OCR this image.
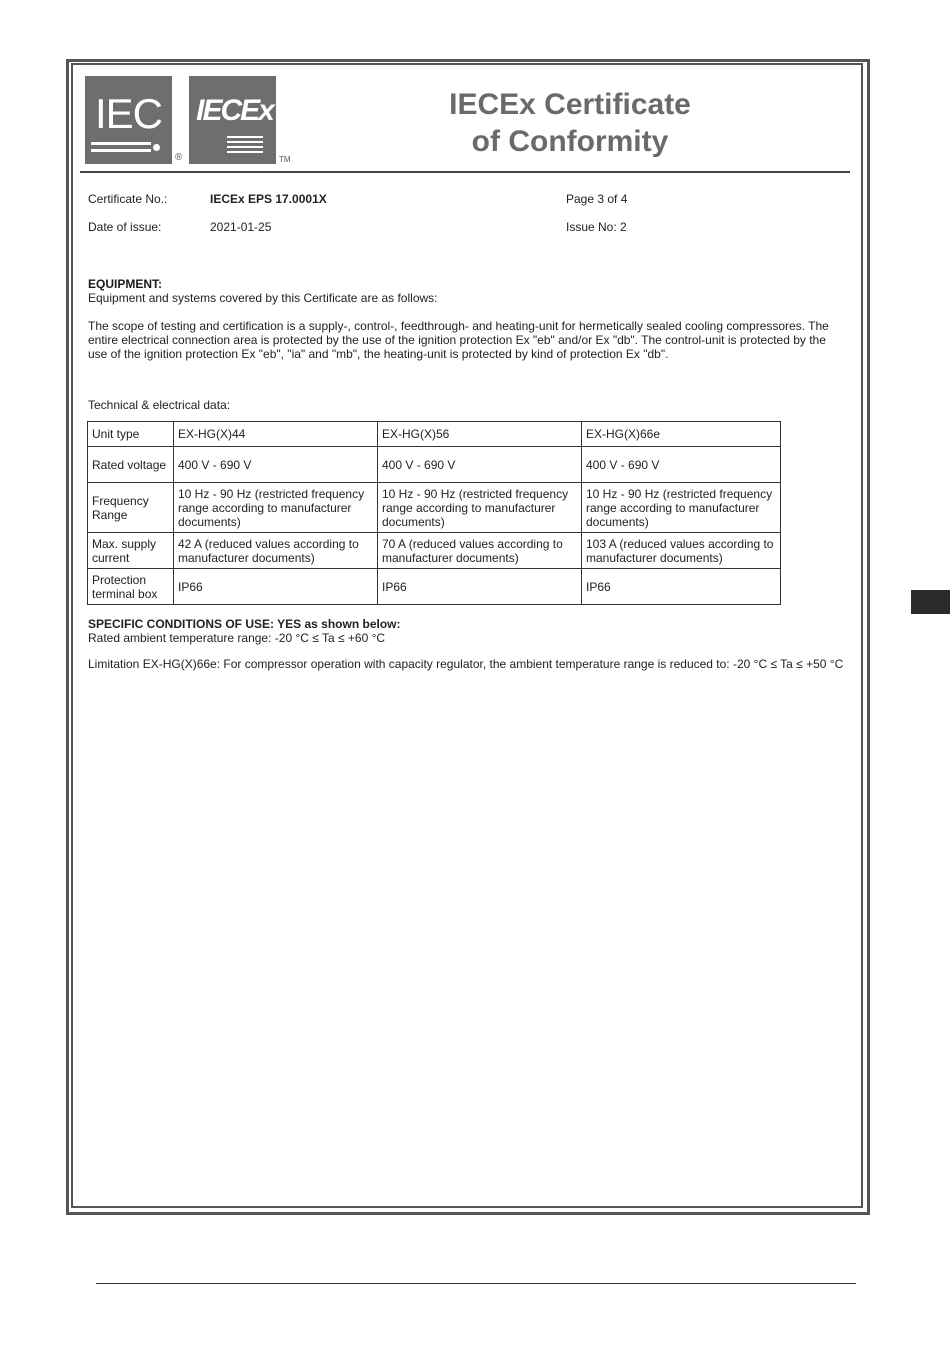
IEC
®
IECEx
TM
IECEx Certificate
of Conformity
Certificate No.:	IECEx EPS 17.0001X	Page 3 of 4
Date of issue:	2021-01-25	Issue No: 2
EQUIPMENT:
Equipment and systems covered by this Certificate are as follows:
The scope of testing and certification is a supply-, control-, feedthrough- and heating-unit for hermetically sealed cooling compressores. The entire electrical connection area is protected by the use of the ignition protection Ex "eb" and/or Ex "db". The control-unit is protected by the use of the ignition protection Ex "eb", "ia" and "mb", the heating-unit is protected by kind of protection Ex "db".
Technical & electrical data:
Unit type	EX-HG(X)44	EX-HG(X)56	EX-HG(X)66e
Rated voltage	400 V - 690 V	400 V - 690 V	400 V - 690 V
Frequency Range	10 Hz - 90 Hz (restricted frequency range according to manufacturer documents)	10 Hz - 90 Hz (restricted frequency range according to manufacturer documents)	10 Hz - 90 Hz (restricted frequency range according to manufacturer documents)
Max. supply current	42 A (reduced values according to manufacturer documents)	70 A (reduced values according to manufacturer documents)	103 A (reduced values according to manufacturer documents)
Protection terminal box	IP66	IP66	IP66
SPECIFIC CONDITIONS OF USE: YES as shown below:
Rated ambient temperature range: -20 °C ≤ Ta ≤ +60 °C
Limitation EX-HG(X)66e: For compressor operation with capacity regulator, the ambient temperature range is reduced to: -20 °C ≤ Ta ≤ +50 °C
